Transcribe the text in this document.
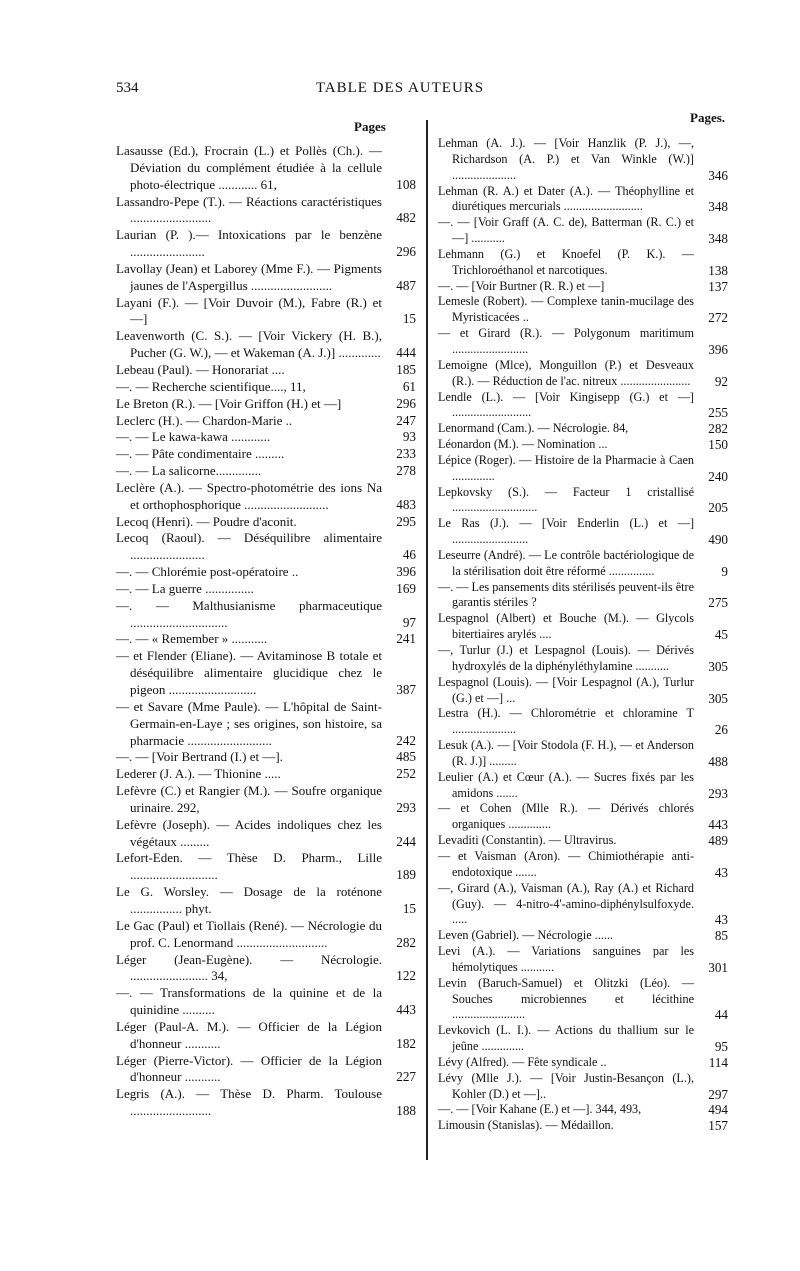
534	TABLE DES AUTEURS
Pages
Pages.
Lasausse (Ed.), Frocrain (L.) et Pollès (Ch.). — Déviation du complément étudiée à la cellule photo-électrique ............ 61,	108
Lassandro-Pepe (T.). — Réactions caractéristiques .........................	482
Laurian (P. ).— Intoxications par le benzène .......................	296
Lavollay (Jean) et Laborey (Mme F.). — Pigments jaunes de l'Aspergillus .........................	487
Layani (F.). — [Voir Duvoir (M.), Fabre (R.) et —]	15
Leavenworth (C. S.). — [Voir Vickery (H. B.), Pucher (G. W.), — et Wakeman (A. J.)] .............	444
Lebeau (Paul). — Honorariat ....	185
—. — Recherche scientifique...., 11,	61
Le Breton (R.). — [Voir Griffon (H.) et —]	296
Leclerc (H.). — Chardon-Marie ..	247
—. — Le kawa-kawa ............	93
—. — Pâte condimentaire .........	233
—. — La salicorne..............	278
Leclère (A.). — Spectro-photométrie des ions Na et orthophosphorique ..........................	483
Lecoq (Henri). — Poudre d'aconit.	295
Lecoq (Raoul). — Déséquilibre alimentaire .......................	46
—. — Chlorémie post-opératoire ..	396
—. — La guerre ...............	169
—. — Malthusianisme pharmaceutique ..............................	97
—. — « Remember » ...........	241
— et Flender (Eliane). — Avitaminose B totale et déséquilibre alimentaire glucidique chez le pigeon ...........................	387
— et Savare (Mme Paule). — L'hôpital de Saint-Germain-en-Laye ; ses origines, son histoire, sa pharmacie ..........................	242
—. — [Voir Bertrand (I.) et —].	485
Lederer (J. A.). — Thionine .....	252
Lefèvre (C.) et Rangier (M.). — Soufre organique urinaire. 292,	293
Lefèvre (Joseph). — Acides indoliques chez les végétaux .........	244
Lefort-Eden. — Thèse D. Pharm., Lille ...........................	189
Le G. Worsley. — Dosage de la roténone ................ phyt.	15
Le Gac (Paul) et Tiollais (René). — Nécrologie du prof. C. Lenormand ............................	282
Léger (Jean-Eugène). — Nécrologie. ........................ 34,	122
—. — Transformations de la quinine et de la quinidine ..........	443
Léger (Paul-A. M.). — Officier de la Légion d'honneur ...........	182
Léger (Pierre-Victor). — Officier de la Légion d'honneur ...........	227
Legris (A.). — Thèse D. Pharm. Toulouse .........................	188
Lehman (A. J.). — [Voir Hanzlik (P. J.), —, Richardson (A. P.) et Van Winkle (W.)] .....................	346
Lehman (R. A.) et Dater (A.). — Théophylline et diurétiques mercurials ..........................	348
—. — [Voir Graff (A. C. de), Batterman (R. C.) et —] ...........	348
Lehmann (G.) et Knoefel (P. K.). — Trichloroéthanol et narcotiques.	138
—. — [Voir Burtner (R. R.) et —]	137
Lemesle (Robert). — Complexe tanin-mucilage des Myristicacées ..	272
— et Girard (R.). — Polygonum maritimum .........................	396
Lemoigne (Mlce), Monguillon (P.) et Desveaux (R.). — Réduction de l'ac. nitreux .......................	92
Lendle (L.). — [Voir Kingisepp (G.) et —] ..........................	255
Lenormand (Cam.). — Nécrologie. 84,	282
Léonardon (M.). — Nomination ...	150
Lépice (Roger). — Histoire de la Pharmacie à Caen ..............	240
Lepkovsky (S.). — Facteur 1 cristallisé ............................	205
Le Ras (J.). — [Voir Enderlin (L.) et —] .........................	490
Leseurre (André). — Le contrôle bactériologique de la stérilisation doit être réformé ...............	9
—. — Les pansements dits stérilisés peuvent-ils être garantis stériles ?	275
Lespagnol (Albert) et Bouche (M.). — Glycols bitertiaires arylés ....	45
—, Turlur (J.) et Lespagnol (Louis). — Dérivés hydroxylés de la diphényléthylamine ...........	305
Lespagnol (Louis). — [Voir Lespagnol (A.), Turlur (G.) et —] ...	305
Lestra (H.). — Chlorométrie et chloramine T .....................	26
Lesuk (A.). — [Voir Stodola (F. H.), — et Anderson (R. J.)] .........	488
Leulier (A.) et Cœur (A.). — Sucres fixés par les amidons .......	293
— et Cohen (Mlle R.). — Dérivés chlorés organiques ..............	443
Levaditi (Constantin). — Ultravirus.	489
— et Vaisman (Aron). — Chimiothérapie anti-endotoxique .......	43
—, Girard (A.), Vaisman (A.), Ray (A.) et Richard (Guy). — 4-nitro-4'-amino-diphénylsulfoxyde. .....	43
Leven (Gabriel). — Nécrologie ......	85
Levi (A.). — Variations sanguines par les hémolytiques ...........	301
Levin (Baruch-Samuel) et Olitzki (Léo). — Souches microbiennes et lécithine ........................	44
Levkovich (L. I.). — Actions du thallium sur le jeûne ..............	95
Lévy (Alfred). — Fête syndicale ..	114
Lévy (Mlle J.). — [Voir Justin-Besançon (L.), Kohler (D.) et —]..	297
—. — [Voir Kahane (E.) et —]. 344, 493,	494
Limousin (Stanislas). — Médaillon.	157
